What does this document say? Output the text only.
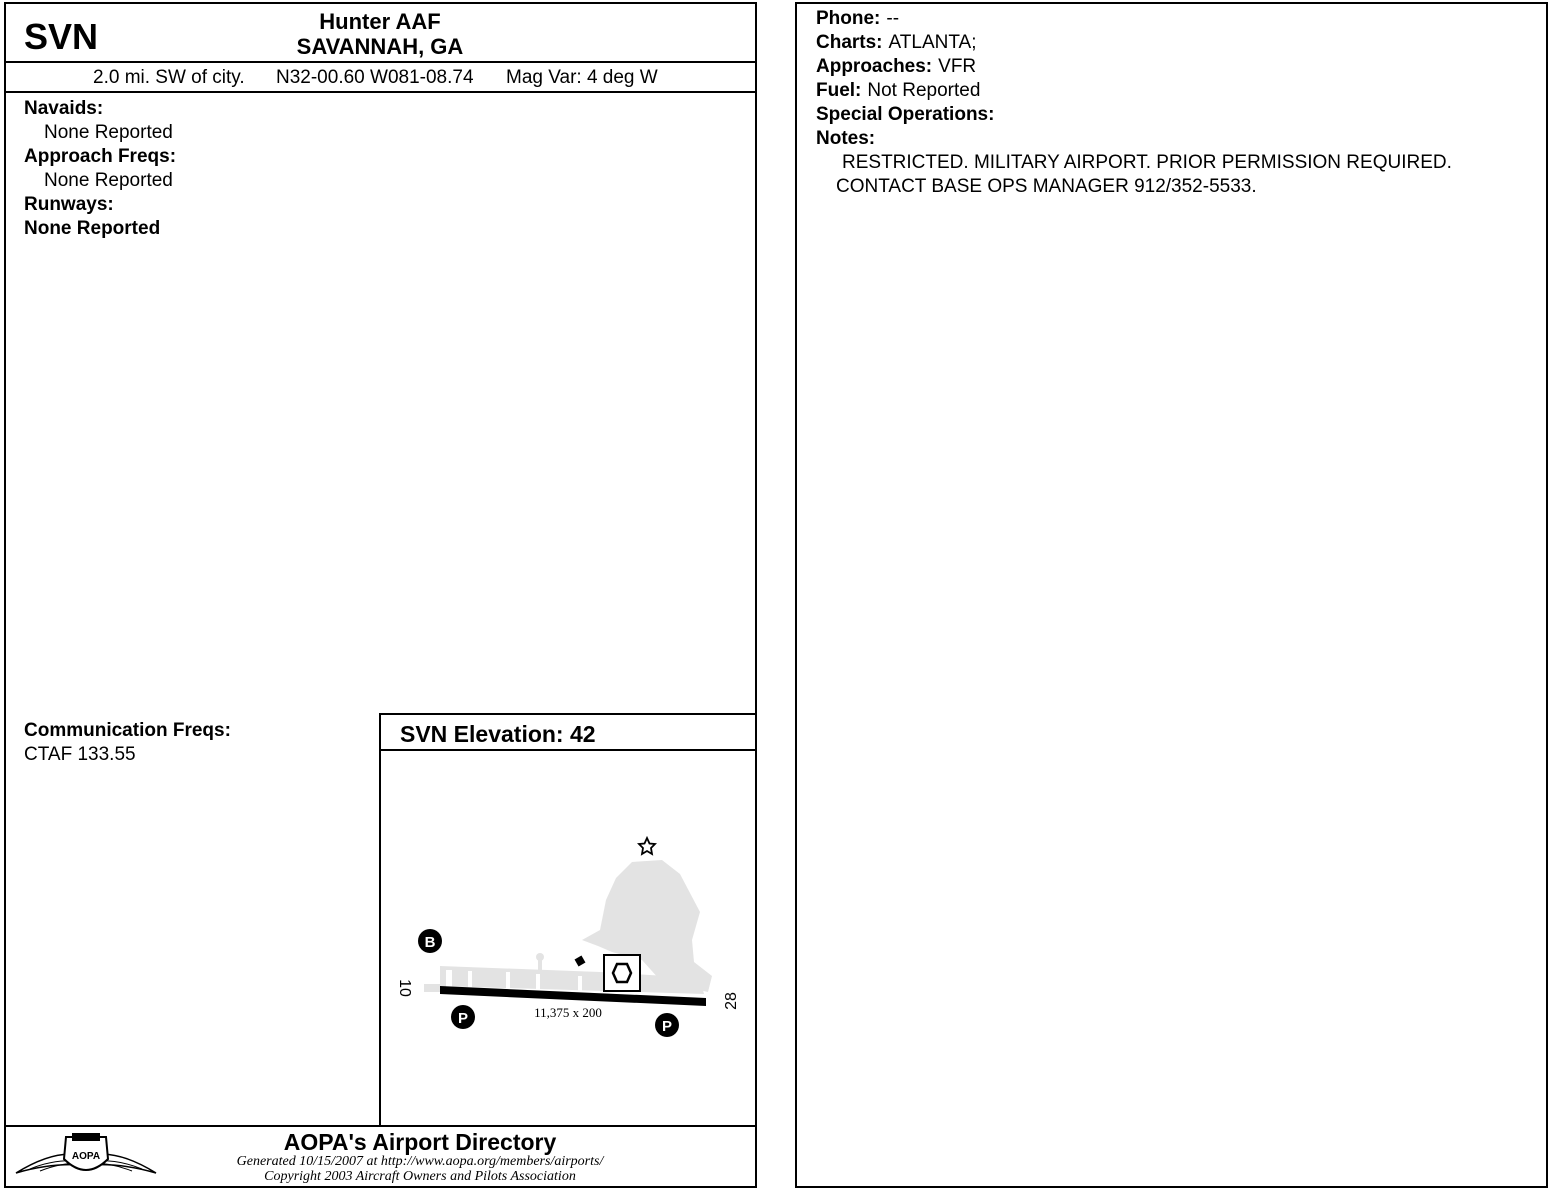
SVN	Hunter AAF
SAVANNAH, GA
2.0 mi. SW of city. N32-00.60 W081-08.74 Mag Var: 4 deg W
Navaids:
None Reported
Approach Freqs:
None Reported
Runways:
None Reported
Communication Freqs:
CTAF 133.55
SVN Elevation: 42
B
P	P
11,375 x 200
10
28
AOPA
AOPA's Airport Directory
Generated 10/15/2007 at http://www.aopa.org/members/airports/
Copyright 2003 Aircraft Owners and Pilots Association
Phone: --
Charts: ATLANTA;
Approaches: VFR
Fuel: Not Reported
Special Operations:
Notes:
RESTRICTED. MILITARY AIRPORT. PRIOR PERMISSION REQUIRED.
CONTACT BASE OPS MANAGER 912/352-5533.
